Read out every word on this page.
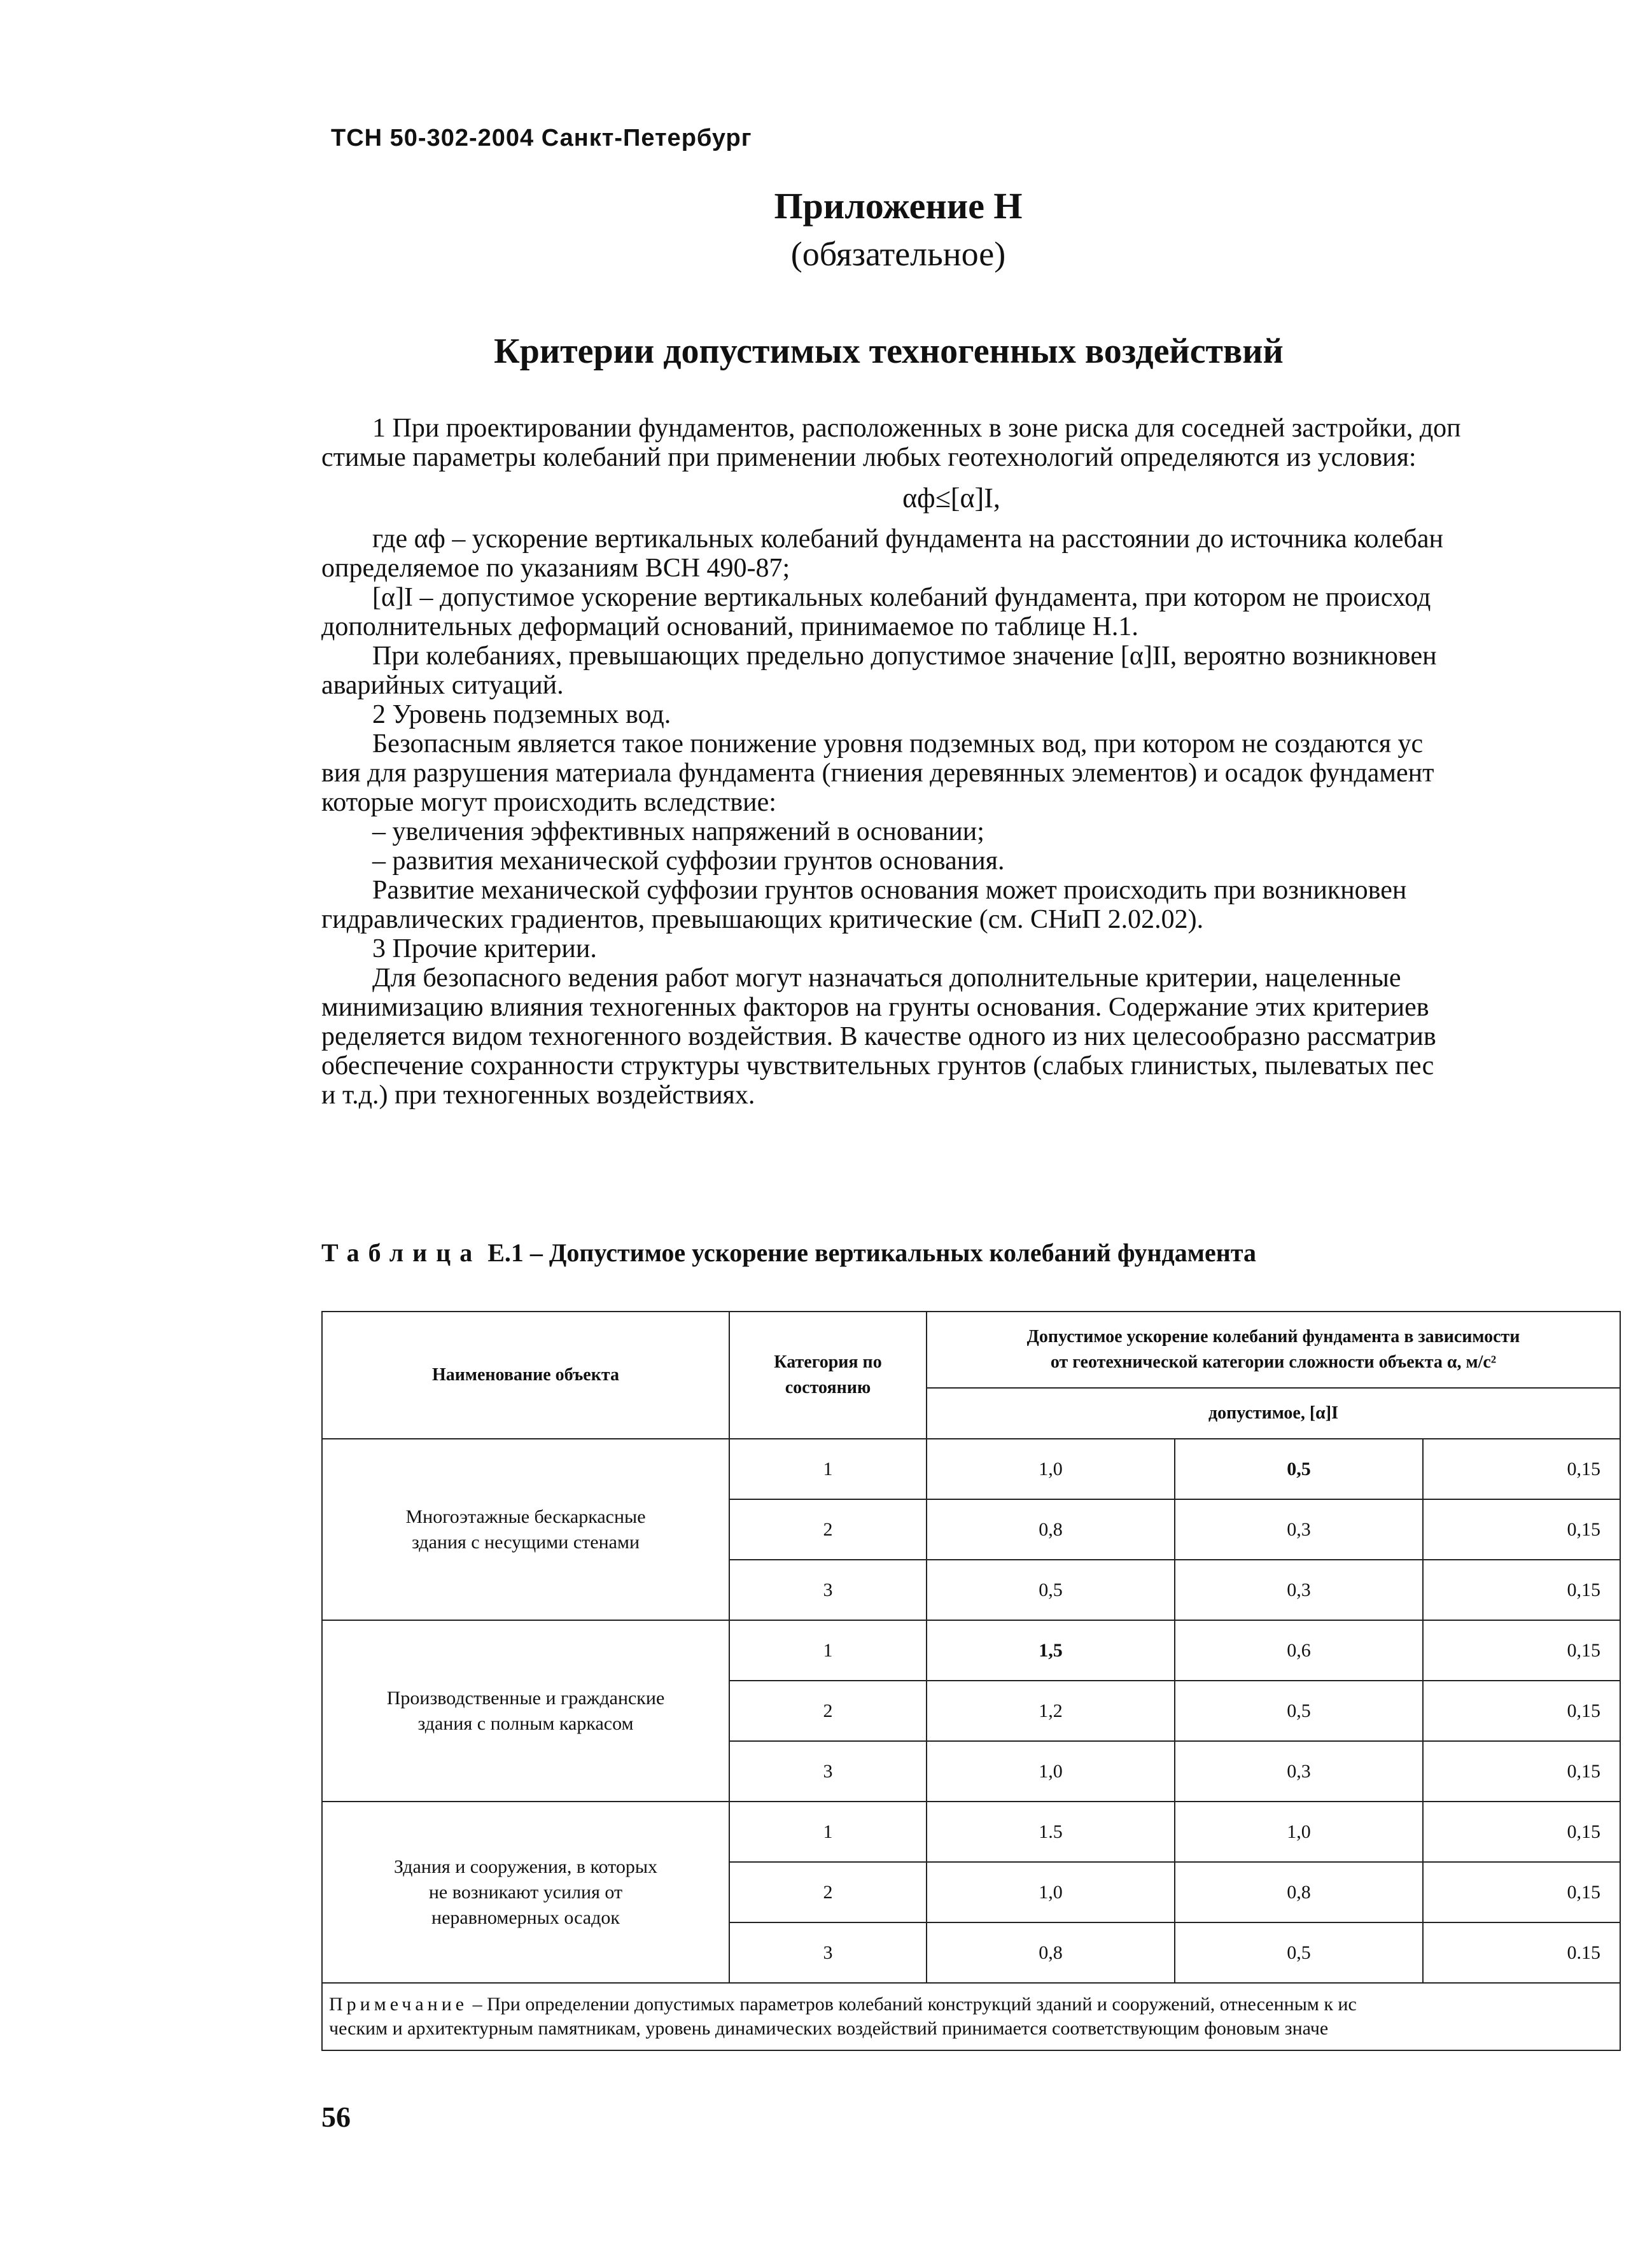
ТСН 50-302-2004 Санкт-Петербург
Приложение Н
(обязательное)
Критерии допустимых техногенных воздействий

1 При проектировании фундаментов, расположенных в зоне риска для соседней застройки, доп

стимые параметры колебаний при применении любых геотехнологий определяются из условия:

αф≤[α]I,

где αф – ускорение вертикальных колебаний фундамента на расстоянии до источника колебан

определяемое по указаниям ВСН 490-87;

[α]I – допустимое ускорение вертикальных колебаний фундамента, при котором не происход

дополнительных деформаций оснований, принимаемое по таблице Н.1.

При колебаниях, превышающих предельно допустимое значение [α]II, вероятно возникновен

аварийных ситуаций.

2 Уровень подземных вод.

Безопасным является такое понижение уровня подземных вод, при котором не создаются ус

вия для разрушения материала фундамента (гниения деревянных элементов) и осадок фундамент

которые могут происходить вследствие:

– увеличения эффективных напряжений в основании;

– развития механической суффозии грунтов основания.

Развитие механической суффозии грунтов основания может происходить при возникновен

гидравлических градиентов, превышающих критические (см. СНиП 2.02.02).

3 Прочие критерии.

Для безопасного ведения работ могут назначаться дополнительные критерии, нацеленные

минимизацию влияния техногенных факторов на грунты основания. Содержание этих критериев

ределяется видом техногенного воздействия. В качестве одного из них целесообразно рассматрив

обеспечение сохранности структуры чувствительных грунтов (слабых глинистых, пылеватых пес

и т.д.) при техногенных воздействиях.

Таблица Е.1 – Допустимое ускорение вертикальных колебаний фундамента
Наименование объекта	Категория по состоянию	Допустимое ускорение колебаний фундамента в зависимости
от геотехнической категории сложности объекта α, м/с²		

		допустимое, [α]I		

Многоэтажные бескаркасные
здания с несущими стенами	1	1,0	0,5	0,15
	2	0,8	0,3	0,15
	3	0,5	0,3	0,15

Производственные и гражданские
здания с полным каркасом	1	1,5	0,6	0,15
	2	1,2	0,5	0,15
	3	1,0	0,3	0,15

Здания и сооружения, в которых
не возникают усилия от
неравномерных осадок	1	1.5	1,0	0,15
	2	1,0	0,8	0,15
	3	0,8	0,5	0.15

Примечание – При определении допустимых параметров колебаний конструкций зданий и сооружений, отнесенным к ис
ческим и архитектурным памятникам, уровень динамических воздействий принимается соответствующим фоновым значе				
56
